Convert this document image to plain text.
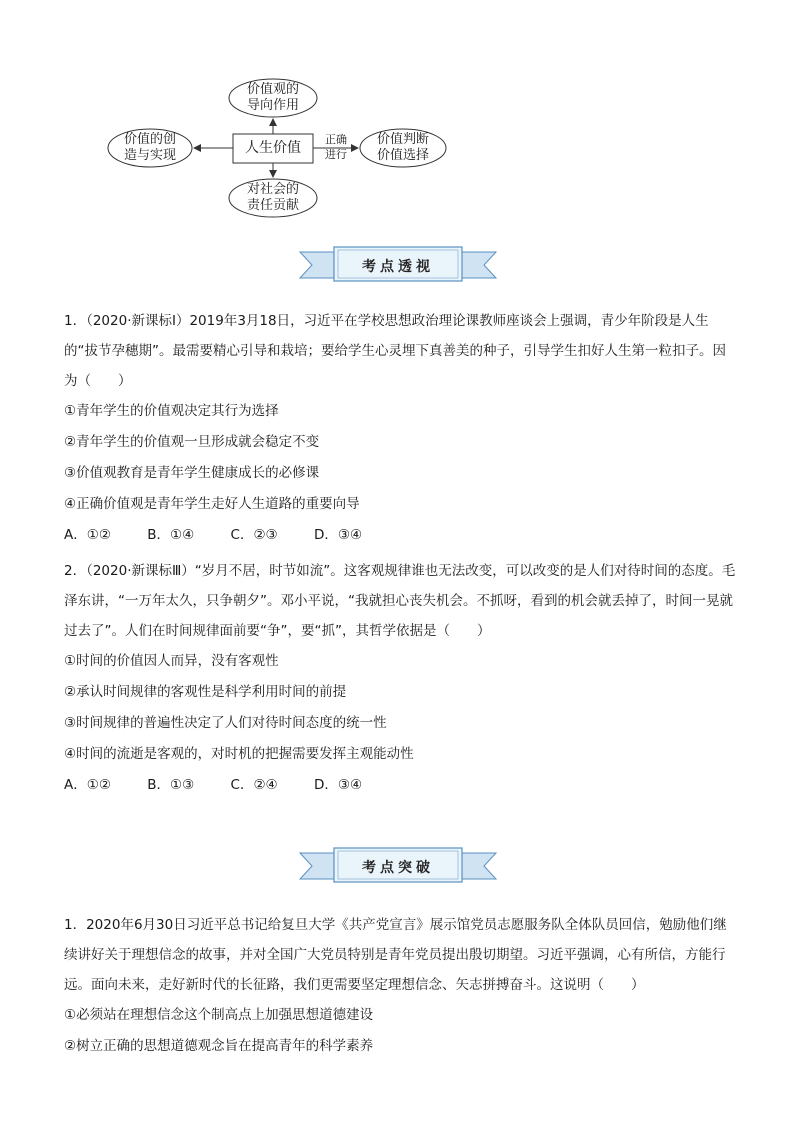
价值观的
导向作用
价值的创
造与实现
价值判断
价值选择
对社会的
责任贡献
人生价值
正确
进行
考点透视
1．（2020·新课标Ⅰ）2019年3月18日，习近平在学校思想政治理论课教师座谈会上强调，青少年阶段是人生的“拔节孕穗期”。最需要精心引导和栽培；要给学生心灵埋下真善美的种子，引导学生扣好人生第一粒扣子。因为（　　）
①青年学生的价值观决定其行为选择
②青年学生的价值观一旦形成就会稳定不变
③价值观教育是青年学生健康成长的必修课
④正确价值观是青年学生走好人生道路的重要向导
A．①②	B．①④	C．②③	D．③④
2．（2020·新课标Ⅲ）“岁月不居，时节如流”。这客观规律谁也无法改变，可以改变的是人们对待时间的态度。毛泽东讲，“一万年太久，只争朝夕”。邓小平说，“我就担心丧失机会。不抓呀，看到的机会就丢掉了，时间一晃就过去了”。人们在时间规律面前要“争”，要“抓”，其哲学依据是（　　）
①时间的价值因人而异，没有客观性
②承认时间规律的客观性是科学利用时间的前提
③时间规律的普遍性决定了人们对待时间态度的统一性
④时间的流逝是客观的，对时机的把握需要发挥主观能动性
A．①②	B．①③	C．②④	D．③④
考点突破
1．2020年6月30日习近平总书记给复旦大学《共产党宣言》展示馆党员志愿服务队全体队员回信，勉励他们继续讲好关于理想信念的故事，并对全国广大党员特别是青年党员提出殷切期望。习近平强调，心有所信，方能行远。面向未来，走好新时代的长征路，我们更需要坚定理想信念、矢志拼搏奋斗。这说明（　　）
①必须站在理想信念这个制高点上加强思想道德建设
②树立正确的思想道德观念旨在提高青年的科学素养
